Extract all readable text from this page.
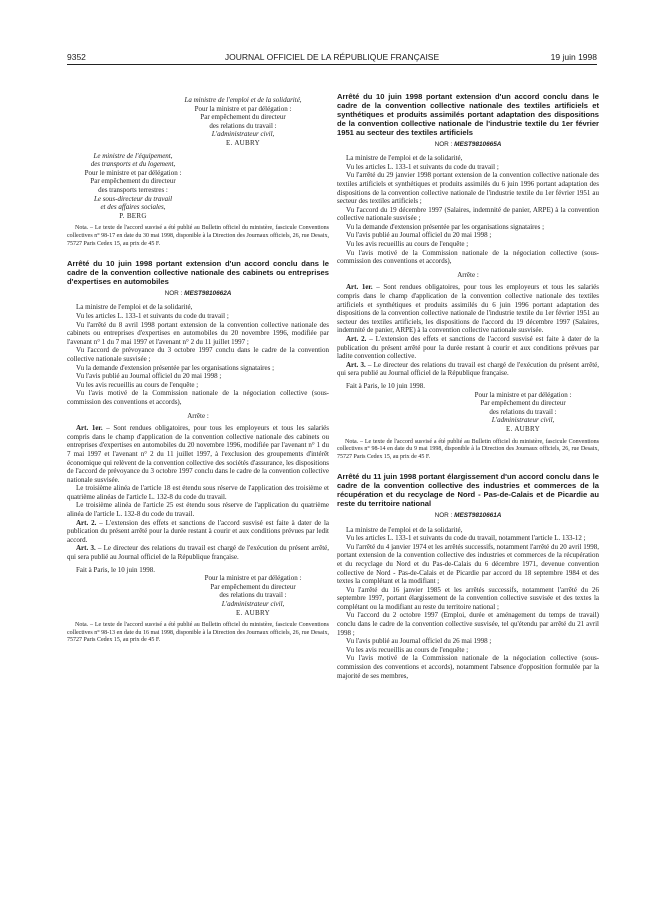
9352	JOURNAL OFFICIEL DE LA RÉPUBLIQUE FRANÇAISE	19 juin 1998
La ministre de l'emploi et de la solidarité,
Pour la ministre et par délégation :
Par empêchement du directeur
des relations du travail :
L'administrateur civil,
E. AUBRY
Le ministre de l'équipement,
des transports et du logement,
Pour le ministre et par délégation :
Par empêchement du directeur
des transports terrestres :
Le sous-directeur du travail
et des affaires sociales,
P. BERG
Nota. – Le texte de l'accord susvisé a été publié au Bulletin officiel du ministère, fascicule Conventions collectives n° 98-17 en date du 30 mai 1998, disponible à la Direction des Journaux officiels, 26, rue Desaix, 75727 Paris Cedex 15, au prix de 45 F.
Arrêté du 10 juin 1998 portant extension d'un accord conclu dans le cadre de la convention collective nationale des cabinets ou entreprises d'expertises en automobiles
NOR : MEST9810662A

La ministre de l'emploi et de la solidarité,

Vu les articles L. 133-1 et suivants du code du travail ;

Vu l'arrêté du 8 avril 1998 portant extension de la convention collective nationale des cabinets ou entreprises d'expertises en automobiles du 20 novembre 1996, modifiée par l'avenant n° 1 du 7 mai 1997 et l'avenant n° 2 du 11 juillet 1997 ;

Vu l'accord de prévoyance du 3 octobre 1997 conclu dans le cadre de la convention collective nationale susvisée ;

Vu la demande d'extension présentée par les organisations signataires ;

Vu l'avis publié au Journal officiel du 20 mai 1998 ;

Vu les avis recueillis au cours de l'enquête ;

Vu l'avis motivé de la Commission nationale de la négociation collective (sous-commission des conventions et accords),

Arrête :

Art. 1er. – Sont rendues obligatoires, pour tous les employeurs et tous les salariés compris dans le champ d'application de la convention collective nationale des cabinets ou entreprises d'expertises en automobiles du 20 novembre 1996, modifiée par l'avenant n° 1 du 7 mai 1997 et l'avenant n° 2 du 11 juillet 1997, à l'exclusion des groupements d'intérêt économique qui relèvent de la convention collective des sociétés d'assurance, les dispositions de l'accord de prévoyance du 3 octobre 1997 conclu dans le cadre de la convention collective nationale susvisée.

Le troisième alinéa de l'article 18 est étendu sous réserve de l'application des troisième et quatrième alinéas de l'article L. 132-8 du code du travail.

Le troisième alinéa de l'article 25 est étendu sous réserve de l'application du quatrième alinéa de l'article L. 132-8 du code du travail.

Art. 2. – L'extension des effets et sanctions de l'accord susvisé est faite à dater de la publication du présent arrêté pour la durée restant à courir et aux conditions prévues par ledit accord.

Art. 3. – Le directeur des relations du travail est chargé de l'exécution du présent arrêté, qui sera publié au Journal officiel de la République française.

Fait à Paris, le 10 juin 1998.

Pour la ministre et par délégation :
Par empêchement du directeur
des relations du travail :
L'administrateur civil,
E. AUBRY
Nota. – Le texte de l'accord susvisé a été publié au Bulletin officiel du ministère, fascicule Conventions collectives n° 98-13 en date du 16 mai 1998, disponible à la Direction des Journaux officiels, 26, rue Desaix, 75727 Paris Cedex 15, au prix de 45 F.
Arrêté du 10 juin 1998 portant extension d'un accord conclu dans le cadre de la convention collective nationale des textiles artificiels et synthétiques et produits assimilés portant adaptation des dispositions de la convention collective nationale de l'industrie textile du 1er février 1951 au secteur des textiles artificiels
NOR : MEST9810665A

La ministre de l'emploi et de la solidarité,

Vu les articles L. 133-1 et suivants du code du travail ;

Vu l'arrêté du 29 janvier 1998 portant extension de la convention collective nationale des textiles artificiels et synthétiques et produits assimilés du 6 juin 1996 portant adaptation des dispositions de la convention collective nationale de l'industrie textile du 1er février 1951 au secteur des textiles artificiels ;

Vu l'accord du 19 décembre 1997 (Salaires, indemnité de panier, ARPE) à la convention collective nationale susvisée ;

Vu la demande d'extension présentée par les organisations signataires ;

Vu l'avis publié au Journal officiel du 20 mai 1998 ;

Vu les avis recueillis au cours de l'enquête ;

Vu l'avis motivé de la Commission nationale de la négociation collective (sous-commission des conventions et accords),

Arrête :

Art. 1er. – Sont rendues obligatoires, pour tous les employeurs et tous les salariés compris dans le champ d'application de la convention collective nationale des textiles artificiels et synthétiques et produits assimilés du 6 juin 1996 portant adaptation des dispositions de la convention collective nationale de l'industrie textile du 1er février 1951 au secteur des textiles artificiels, les dispositions de l'accord du 19 décembre 1997 (Salaires, indemnité de panier, ARPE) à la convention collective nationale susvisée.

Art. 2. – L'extension des effets et sanctions de l'accord susvisé est faite à dater de la publication du présent arrêté pour la durée restant à courir et aux conditions prévues par ladite convention collective.

Art. 3. – Le directeur des relations du travail est chargé de l'exécution du présent arrêté, qui sera publié au Journal officiel de la République française.

Fait à Paris, le 10 juin 1998.

Pour la ministre et par délégation :
Par empêchement du directeur
des relations du travail :
L'administrateur civil,
E. AUBRY
Nota. – Le texte de l'accord susvisé a été publié au Bulletin officiel du ministère, fascicule Conventions collectives n° 98-14 en date du 9 mai 1998, disponible à la Direction des Journaux officiels, 26, rue Desaix, 75727 Paris Cedex 15, au prix de 45 F.
Arrêté du 11 juin 1998 portant élargissement d'un accord conclu dans le cadre de la convention collective des industries et commerces de la récupération et du recyclage de Nord - Pas-de-Calais et de Picardie au reste du territoire national
NOR : MEST9810661A

La ministre de l'emploi et de la solidarité,

Vu les articles L. 133-1 et suivants du code du travail, notamment l'article L. 133-12 ;

Vu l'arrêté du 4 janvier 1974 et les arrêtés successifs, notamment l'arrêté du 20 avril 1998, portant extension de la convention collective des industries et commerces de la récupération et du recyclage du Nord et du Pas-de-Calais du 6 décembre 1971, devenue convention collective de Nord - Pas-de-Calais et de Picardie par accord du 18 septembre 1984 et des textes la complétant et la modifiant ;

Vu l'arrêté du 16 janvier 1985 et les arrêtés successifs, notamment l'arrêté du 26 septembre 1997, portant élargissement de la convention collective susvisée et des textes la complétant ou la modifiant au reste du territoire national ;

Vu l'accord du 2 octobre 1997 (Emploi, durée et aménagement du temps de travail) conclu dans le cadre de la convention collective susvisée, tel qu'étendu par arrêté du 21 avril 1998 ;

Vu l'avis publié au Journal officiel du 26 mai 1998 ;

Vu les avis recueillis au cours de l'enquête ;

Vu l'avis motivé de la Commission nationale de la négociation collective (sous-commission des conventions et accords), notamment l'absence d'opposition formulée par la majorité de ses membres,
